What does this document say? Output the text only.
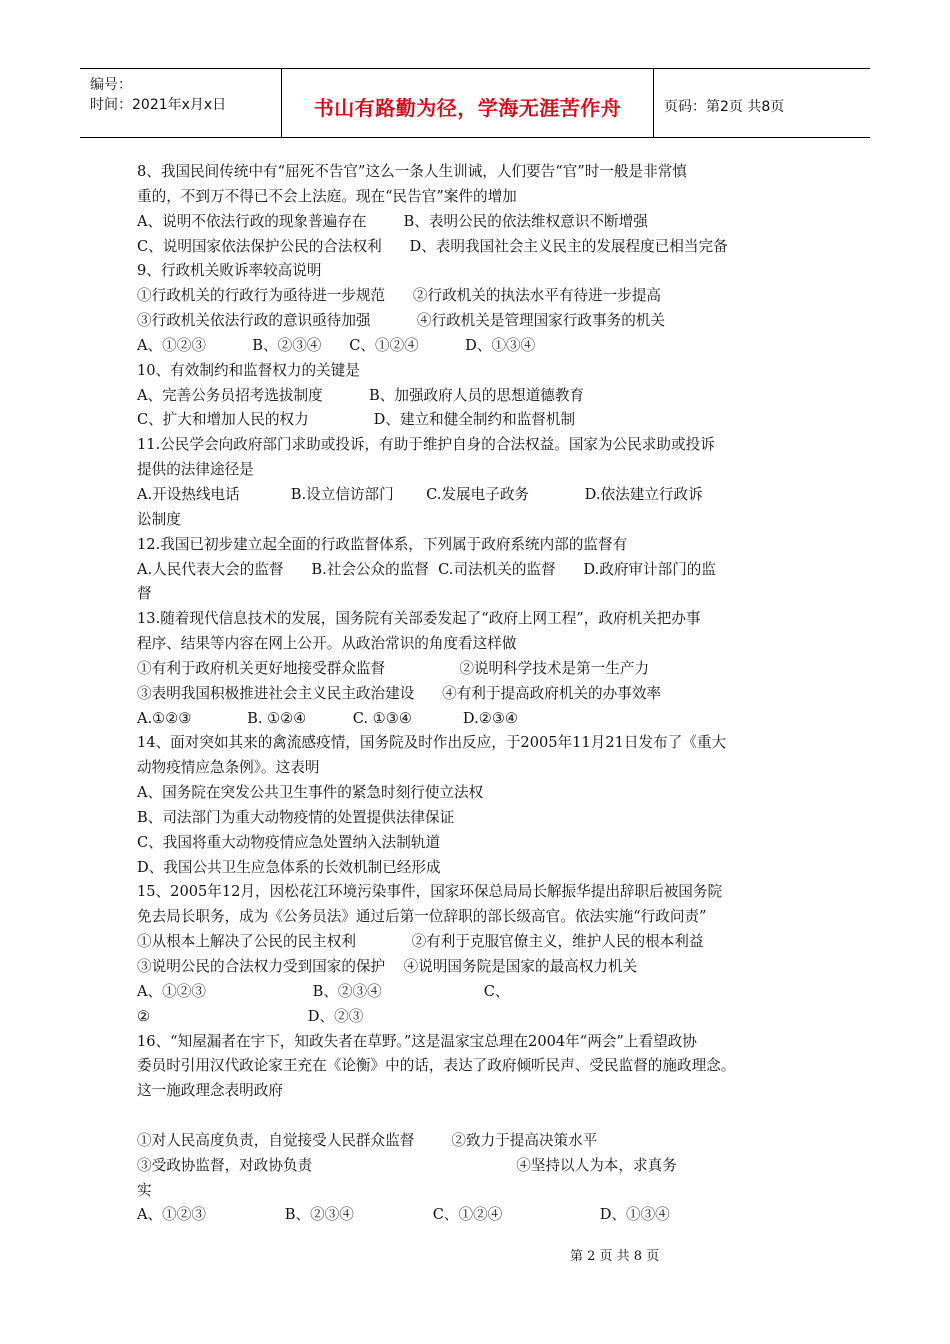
编号：
时间：2021年x月x日	书山有路勤为径，学海无涯苦作舟	页码：第2页 共8页
8、我国民间传统中有“屈死不告官”这么一条人生训诫，人们要告“官”时一般是非常慎
重的，不到万不得已不会上法庭。现在“民告官”案件的增加
A、说明不依法行政的现象普遍存在        B、表明公民的依法维权意识不断增强
C、说明国家依法保护公民的合法权利      D、表明我国社会主义民主的发展程度已相当完备
9、行政机关败诉率较高说明
①行政机关的行政行为亟待进一步规范      ②行政机关的执法水平有待进一步提高
③行政机关依法行政的意识亟待加强          ④行政机关是管理国家行政事务的机关
A、①②③          B、②③④      C、①②④          D、①③④
10、有效制约和监督权力的关键是
A、完善公务员招考选拔制度          B、加强政府人员的思想道德教育
C、扩大和增加人民的权力              D、建立和健全制约和监督机制
11.公民学会向政府部门求助或投诉，有助于维护自身的合法权益。国家为公民求助或投诉
提供的法律途径是
A.开设热线电话           B.设立信访部门       C.发展电子政务            D.依法建立行政诉
讼制度
12.我国已初步建立起全面的行政监督体系，下列属于政府系统内部的监督有
A.人民代表大会的监督      B.社会公众的监督  C.司法机关的监督      D.政府审计部门的监
督
13.随着现代信息技术的发展，国务院有关部委发起了“政府上网工程”，政府机关把办事
程序、结果等内容在网上公开。从政治常识的角度看这样做
①有利于政府机关更好地接受群众监督                ②说明科学技术是第一生产力
③表明我国积极推进社会主义民主政治建设      ④有利于提高政府机关的办事效率
A.①②③            B. ①②④          C. ①③④           D.②③④
14、面对突如其来的禽流感疫情，国务院及时作出反应，于2005年11月21日发布了《重大
动物疫情应急条例》。这表明
A、国务院在突发公共卫生事件的紧急时刻行使立法权
B、司法部门为重大动物疫情的处置提供法律保证
C、我国将重大动物疫情应急处置纳入法制轨道
D、我国公共卫生应急体系的长效机制已经形成
15、2005年12月，因松花江环境污染事件，国家环保总局局长解振华提出辞职后被国务院
免去局长职务，成为《公务员法》通过后第一位辞职的部长级高官。依法实施“行政问责”
①从根本上解决了公民的民主权利            ②有利于克服官僚主义，维护人民的根本利益
③说明公民的合法权力受到国家的保护    ④说明国务院是国家的最高权力机关
A、①②③                       B、②③④                      C、
②                                  D、②③
16、“知屋漏者在宇下，知政失者在草野。”这是温家宝总理在2004年“两会”上看望政协
委员时引用汉代政论家王充在《论衡》中的话，表达了政府倾听民声、受民监督的施政理念。
这一施政理念表明政府
①对人民高度负责，自觉接受人民群众监督        ②致力于提高决策水平
③受政协监督，对政协负责                                            ④坚持以人为本，求真务
实
A、①②③                 B、②③④                 C、①②④                     D、①③④
第 2 页 共 8 页
